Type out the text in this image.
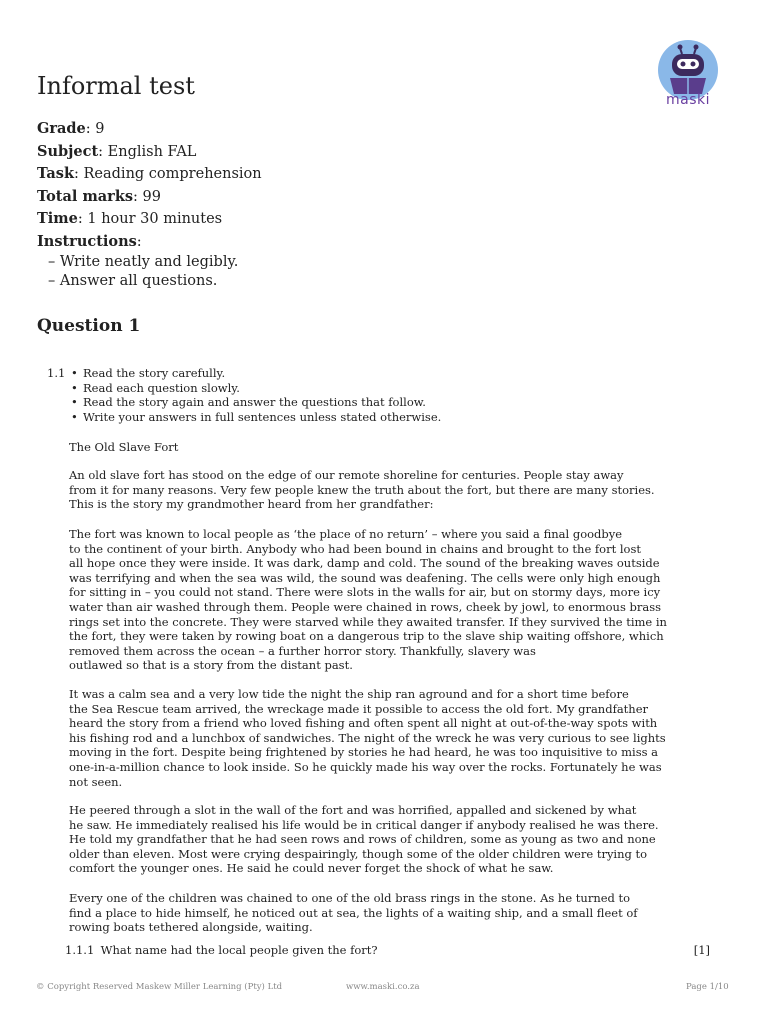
maski
Informal test
Grade: 9
Subject: English FAL
Task: Reading comprehension
Total marks: 99
Time: 1 hour 30 minutes
Instructions:
– Write neatly and legibly.
– Answer all questions.
Question 1
1.1 • Read the story carefully.
• Read each question slowly.
• Read the story again and answer the questions that follow.
• Write your answers in full sentences unless stated otherwise.
The Old Slave Fort
An old slave fort has stood on the edge of our remote shoreline for centuries. People stay away
from it for many reasons. Very few people knew the truth about the fort, but there are many stories.
This is the story my grandmother heard from her grandfather:
The fort was known to local people as ‘the place of no return’ – where you said a final goodbye
to the continent of your birth. Anybody who had been bound in chains and brought to the fort lost
all hope once they were inside. It was dark, damp and cold. The sound of the breaking waves outside
was terrifying and when the sea was wild, the sound was deafening. The cells were only high enough
for sitting in – you could not stand. There were slots in the walls for air, but on stormy days, more icy
water than air washed through them. People were chained in rows, cheek by jowl, to enormous brass
rings set into the concrete. They were starved while they awaited transfer. If they survived the time in
the fort, they were taken by rowing boat on a dangerous trip to the slave ship waiting offshore, which
removed them across the ocean – a further horror story. Thankfully, slavery was
outlawed so that is a story from the distant past.
It was a calm sea and a very low tide the night the ship ran aground and for a short time before
the Sea Rescue team arrived, the wreckage made it possible to access the old fort. My grandfather
heard the story from a friend who loved fishing and often spent all night at out-of-the-way spots with
his fishing rod and a lunchbox of sandwiches. The night of the wreck he was very curious to see lights
moving in the fort. Despite being frightened by stories he had heard, he was too inquisitive to miss a
one-in-a-million chance to look inside. So he quickly made his way over the rocks. Fortunately he was
not seen.
He peered through a slot in the wall of the fort and was horrified, appalled and sickened by what
he saw. He immediately realised his life would be in critical danger if anybody realised he was there.
He told my grandfather that he had seen rows and rows of children, some as young as two and none
older than eleven. Most were crying despairingly, though some of the older children were trying to
comfort the younger ones. He said he could never forget the shock of what he saw.
Every one of the children was chained to one of the old brass rings in the stone. As he turned to
find a place to hide himself, he noticed out at sea, the lights of a waiting ship, and a small fleet of
rowing boats tethered alongside, waiting.
1.1.1 What name had the local people given the fort?	[1]
© Copyright Reserved Maskew Miller Learning (Pty) Ltd	www.maski.co.za	Page 1/10
